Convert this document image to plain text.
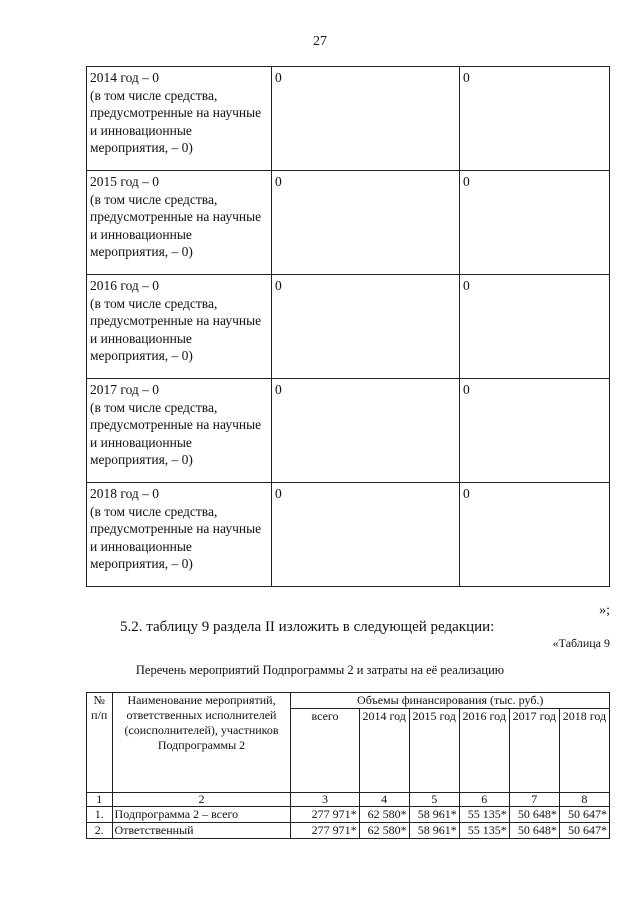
27
2014 год – 0
(в том числе средства, предусмотренные на научные и инновационные мероприятия, – 0)	0	0

2015 год – 0
(в том числе средства, предусмотренные на научные и инновационные мероприятия, – 0)	0	0

2016 год – 0
(в том числе средства, предусмотренные на научные и инновационные мероприятия, – 0)	0	0

2017 год – 0
(в том числе средства, предусмотренные на научные и инновационные мероприятия, – 0)	0	0

2018 год – 0
(в том числе средства, предусмотренные на научные и инновационные мероприятия, – 0)	0	0
»;
5.2. таблицу 9 раздела II изложить в следующей редакции:
«Таблица 9
Перечень мероприятий Подпрограммы 2 и затраты на её реализацию
№ п/п	Наименование мероприятий, ответственных исполнителей (соисполнителей), участников Подпрограммы 2	Объемы финансирования (тыс. руб.)					
		всего	2014 год	2015 год	2016 год	2017 год	2018 год
1	2	3	4	5	6	7	8
1.	Подпрограмма 2 – всего	277 971*	62 580*	58 961*	55 135*	50 648*	50 647*
2.	Ответственный	277 971*	62 580*	58 961*	55 135*	50 648*	50 647*
